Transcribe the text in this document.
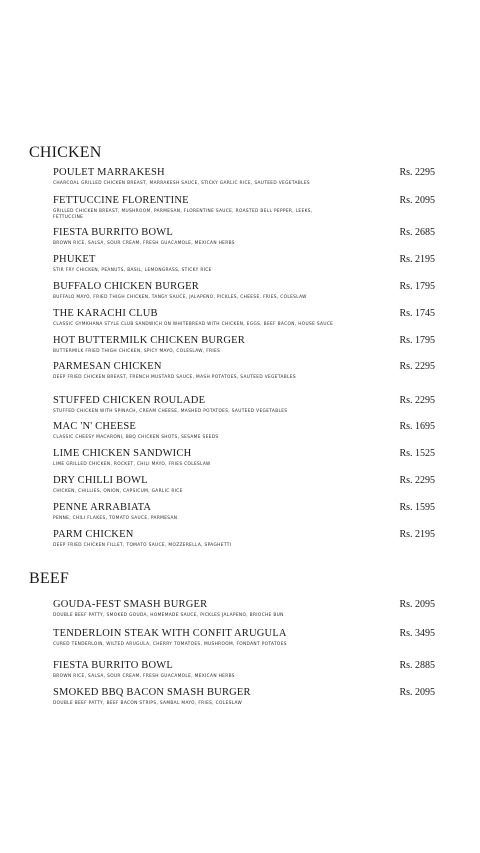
CHICKEN
POULET MARRAKESH
CHARCOAL GRILLED CHICKEN BREAST, MARRAKESH SAUCE, STICKY GARLIC RICE, SAUTEED VEGETABLES
Rs. 2295
FETTUCCINE FLORENTINE
GRILLED CHICKEN BREAST, MUSHROOM, PARMESAN, FLORENTINE SAUCE, ROASTED BELL PEPPER, LEEKS, FETTUCCINE
Rs. 2095
FIESTA BURRITO BOWL
BROWN RICE, SALSA, SOUR CREAM, FRESH GUACAMOLE, MEXICAN HERBS
Rs. 2685
PHUKET
STIR FRY CHICKEN, PEANUTS, BASIL, LEMONGRASS, STICKY RICE
Rs. 2195
BUFFALO CHICKEN BURGER
BUFFALO MAYO, FRIED THIGH CHICKEN, TANGY SAUCE, JALAPENO, PICKLES, CHEESE, FRIES, COLESLAW
Rs. 1795
THE KARACHI CLUB
CLASSIC GYMKHANA STYLE CLUB SANDWICH ON WHITEBREAD WITH CHICKEN, EGGS, BEEF BACON, HOUSE SAUCE
Rs. 1745
HOT BUTTERMILK CHICKEN BURGER
BUTTERMILK FRIED THIGH CHICKEN, SPICY MAYO, COLESLAW, FRIES
Rs. 1795
PARMESAN CHICKEN
DEEP FRIED CHICKEN BREAST, FRENCH MUSTARD SAUCE, MASH POTATOES, SAUTEED VEGETABLES
Rs. 2295
STUFFED CHICKEN ROULADE
STUFFED CHICKEN WITH SPINACH, CREAM CHEESE, MASHED POTATOES, SAUTEED VEGETABLES
Rs. 2295
MAC 'N' CHEESE
CLASSIC CHEESY MACARONI, BBQ CHICKEN SHOTS, SESAME SEEDS
Rs. 1695
LIME CHICKEN SANDWICH
LIME GRILLED CHICKEN, ROCKET, CHILI MAYO, FRIES COLESLAW
Rs. 1525
DRY CHILLI BOWL
CHICKEN, CHILLIES, ONION, CAPSICUM, GARLIC RICE
Rs. 2295
PENNE ARRABIATA
PENNE, CHILI FLAKES, TOMATO SAUCE, PARMESAN
Rs. 1595
PARM CHICKEN
DEEP FRIED CHICKEN FILLET, TOMATO SAUCE, MOZZERELLA, SPAGHETTI
Rs. 2195
BEEF
GOUDA-FEST SMASH BURGER
DOUBLE BEEF PATTY, SMOKED GOUDA, HOMEMADE SAUCE, PICKLES JALAPENO, BRIOCHE BUN
Rs. 2095
TENDERLOIN STEAK WITH CONFIT ARUGULA
CURED TENDERLOIN, WILTED ARUGULA, CHERRY TOMATOES, MUSHROOM, FONDANT POTATOES
Rs. 3495
FIESTA BURRITO BOWL
BROWN RICE, SALSA, SOUR CREAM, FRESH GUACAMOLE, MEXICAN HERBS
Rs. 2885
SMOKED BBQ BACON SMASH BURGER
DOUBLE BEEF PATTY, BEEF BACON STRIPS, SAMBAL MAYO, FRIES, COLESLAW
Rs. 2095
